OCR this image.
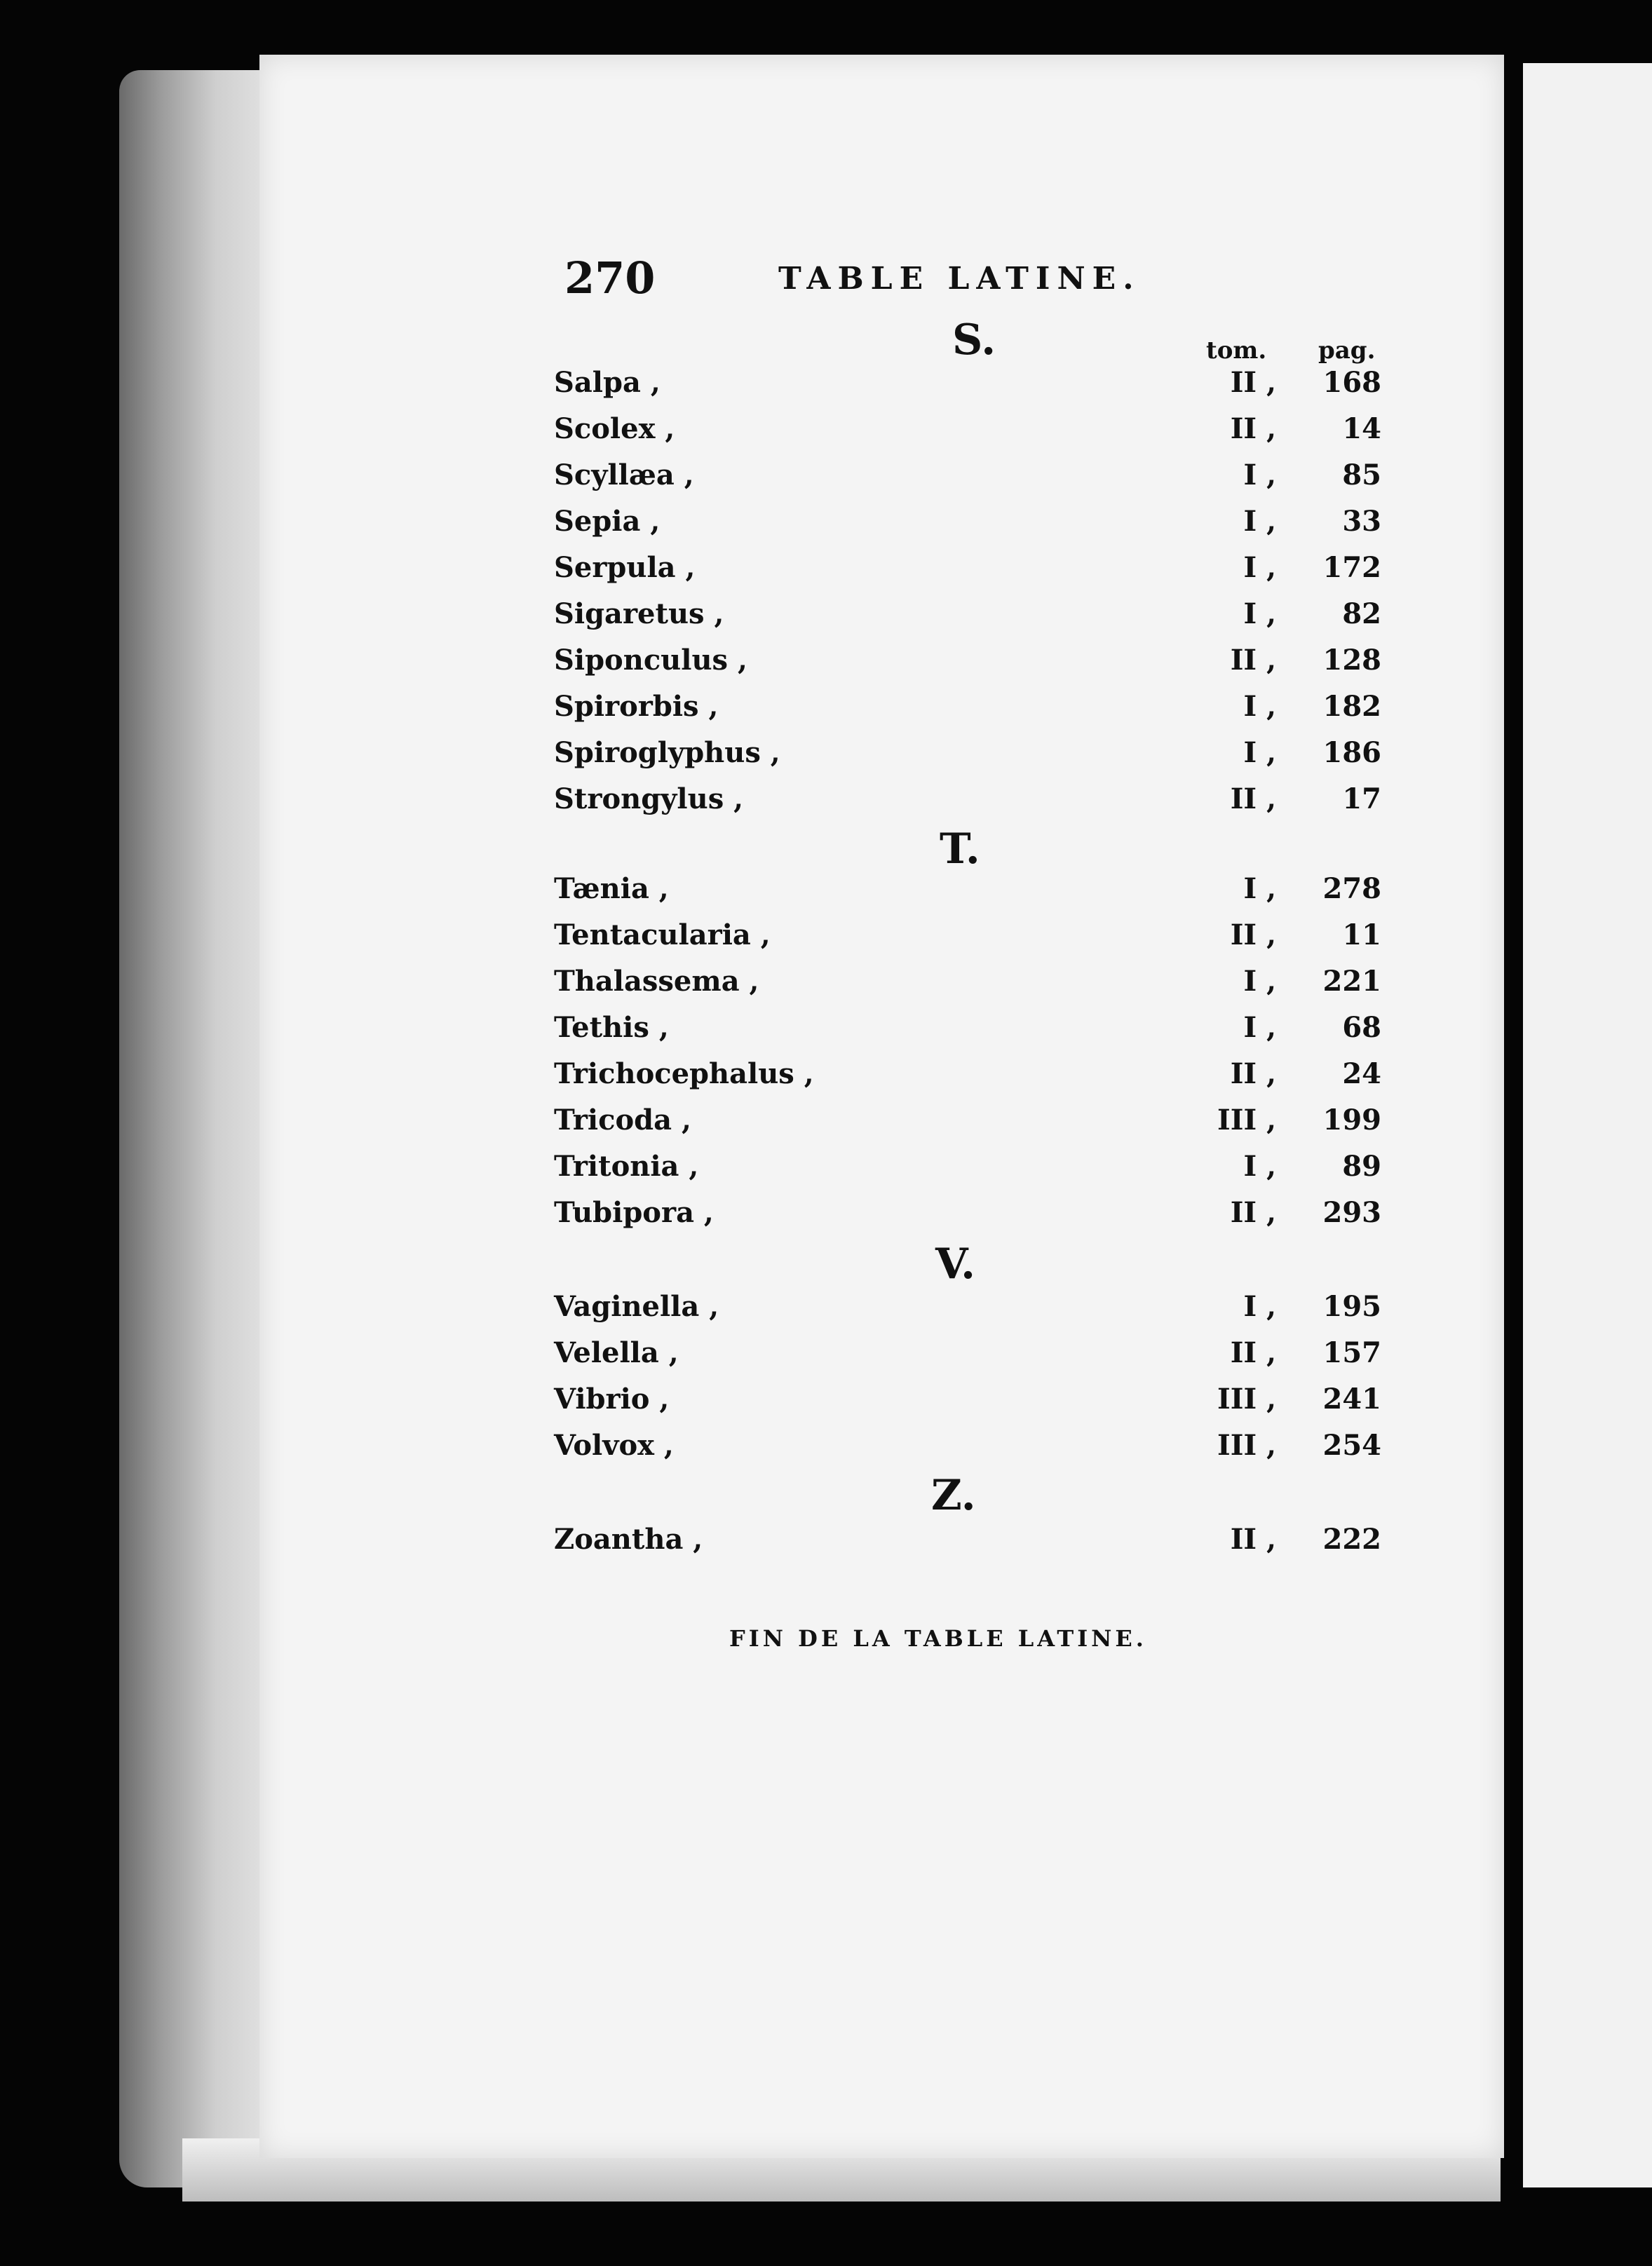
270	TABLE LATINE.
tom. pag.
S.
Salpa ,	II ,	168
Scolex ,	II ,	14
Scyllæa ,	I ,	85
Sepia ,	I ,	33
Serpula ,	I ,	172
Sigaretus ,	I ,	82
Siponculus ,	II ,	128
Spirorbis ,	I ,	182
Spiroglyphus ,	I ,	186
Strongylus ,	II ,	17
T.
Tænia ,	I ,	278
Tentacularia ,	II ,	11
Thalassema ,	I ,	221
Tethis ,	I ,	68
Trichocephalus ,	II ,	24
Tricoda ,	III ,	199
Tritonia ,	I ,	89
Tubipora ,	II ,	293
V.
Vaginella ,	I ,	195
Velella ,	II ,	157
Vibrio ,	III ,	241
Volvox ,	III ,	254
Z.
Zoantha ,	II ,	222
FIN DE LA TABLE LATINE.
